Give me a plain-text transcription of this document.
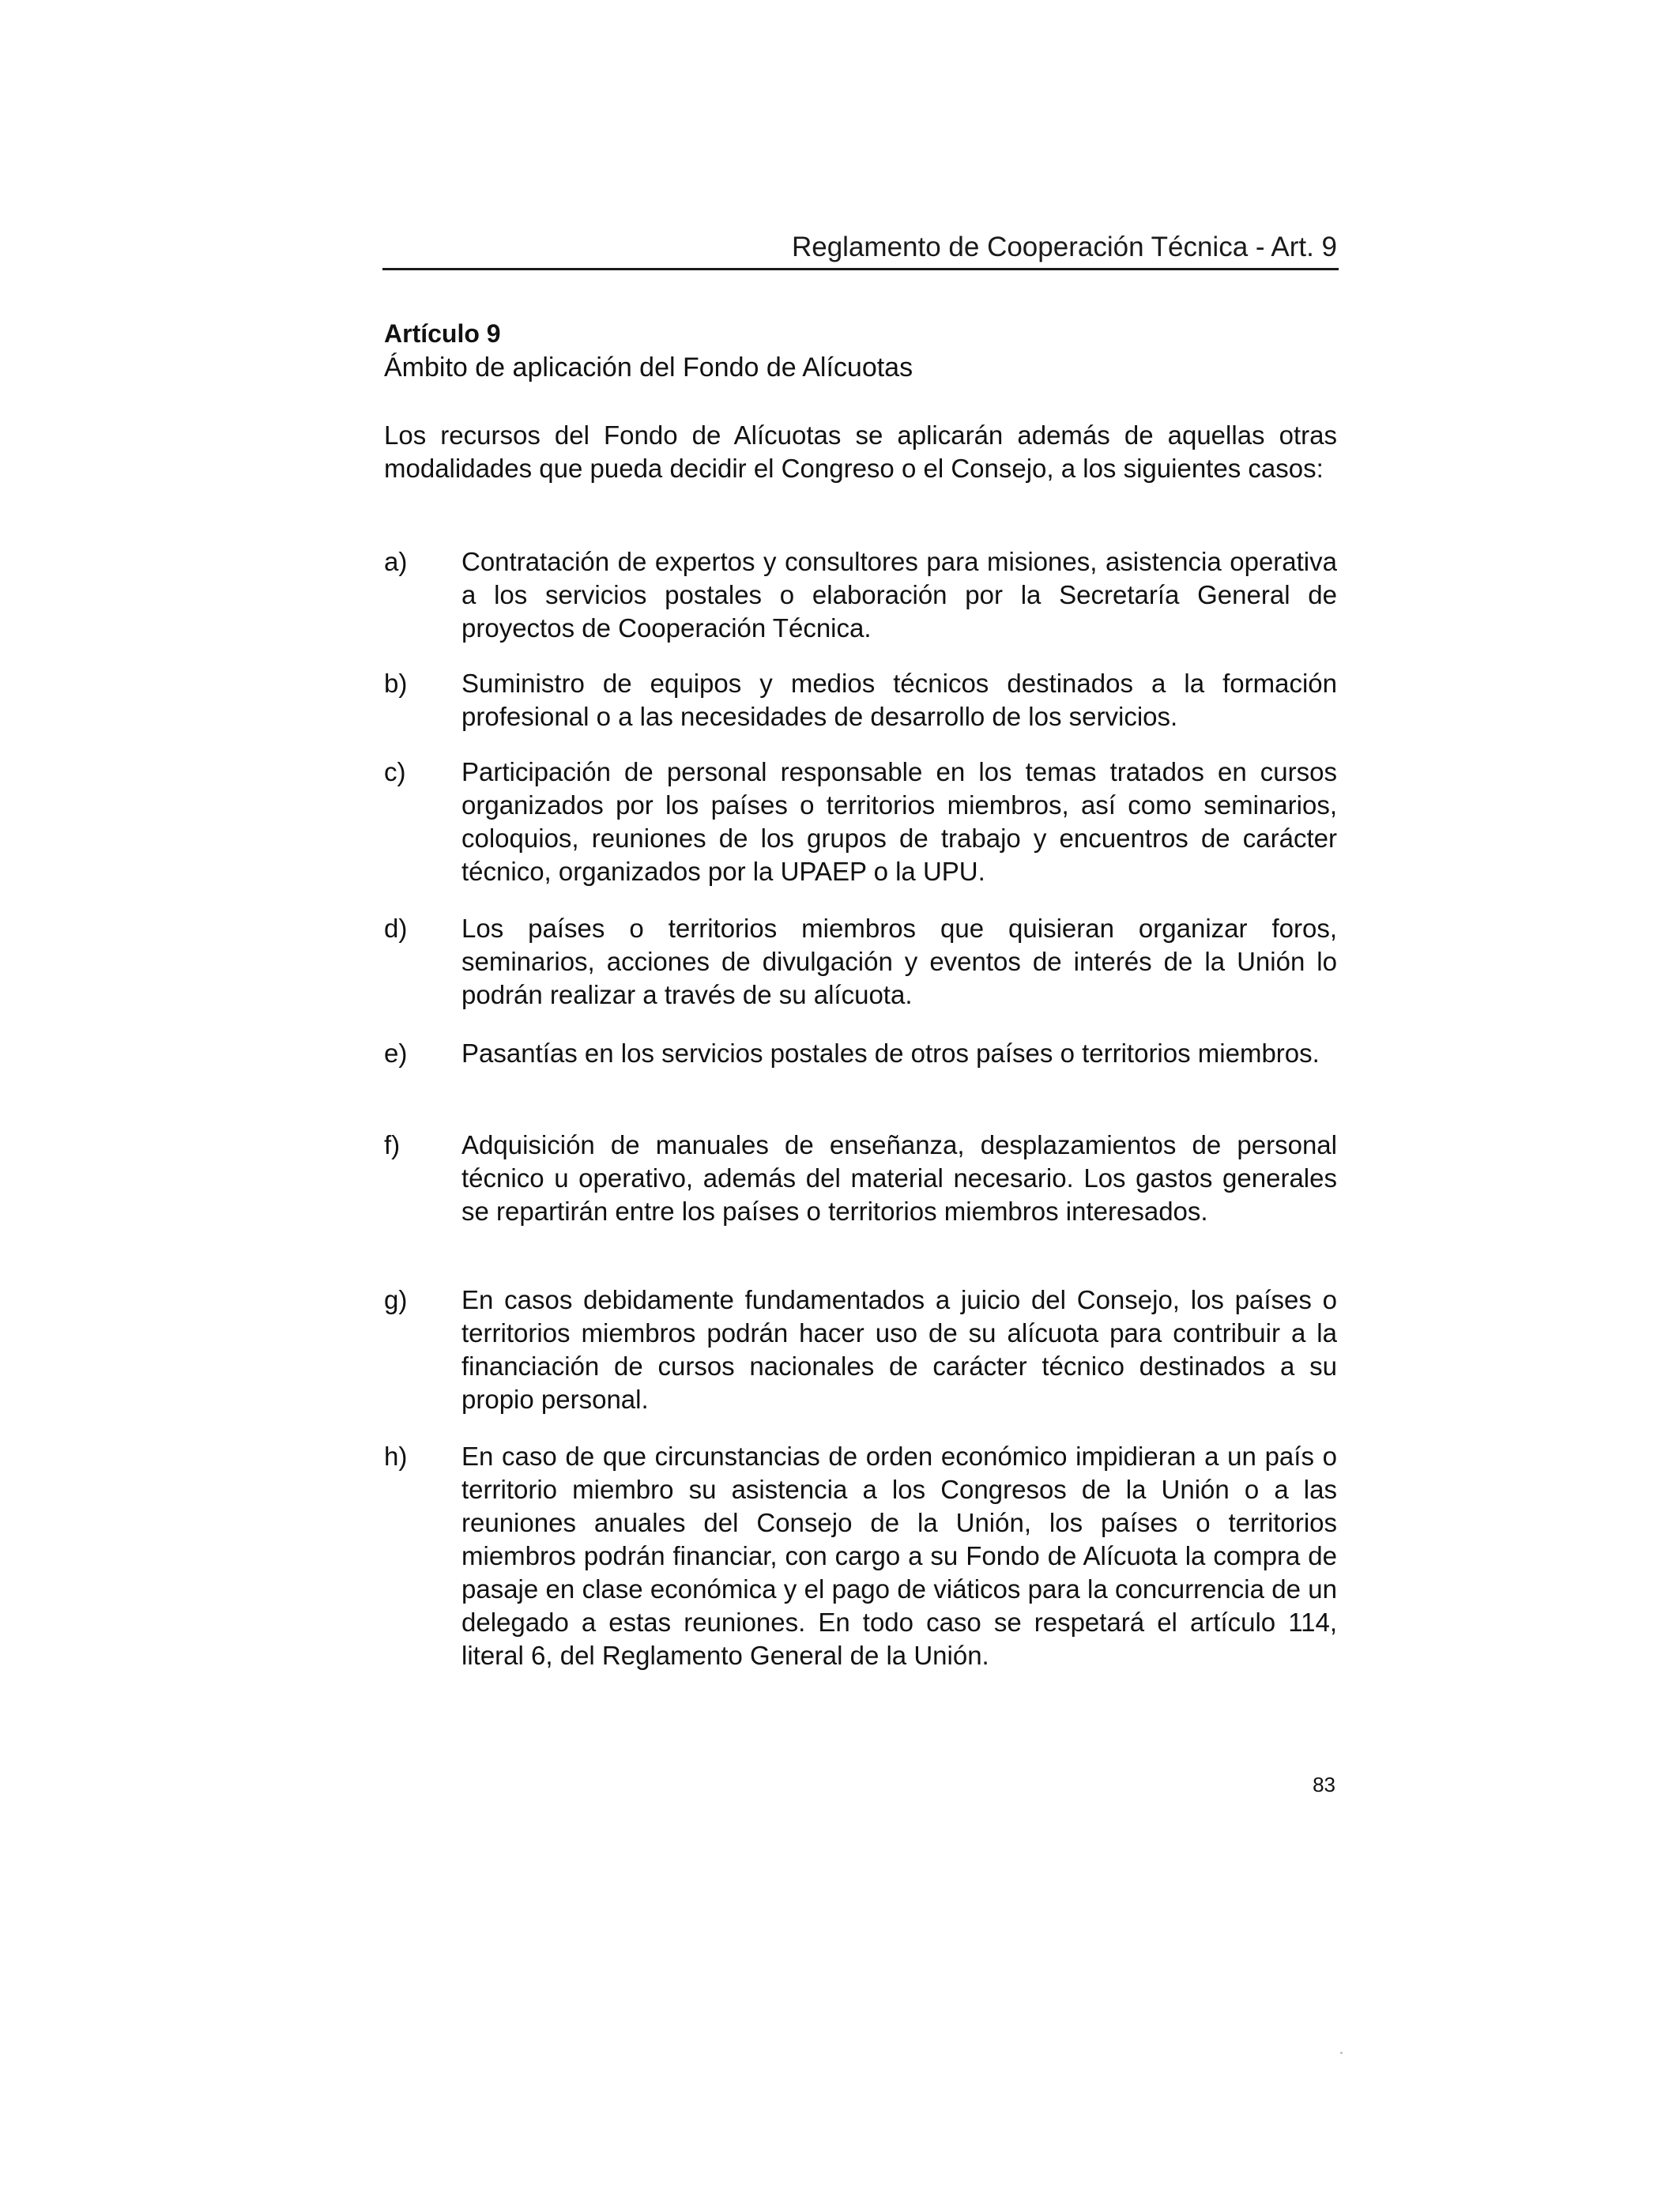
Reglamento de Cooperación Técnica - Art. 9
Artículo 9
Ámbito de aplicación del Fondo de Alícuotas
Los recursos del Fondo de Alícuotas se aplicarán además de aquellas otras modalidades que pueda decidir el Congreso o el Consejo, a los siguientes casos:
a) Contratación de expertos y consultores para misiones, asistencia operativa a los servicios postales o elaboración por la Secretaría General de proyectos de Cooperación Técnica.
b) Suministro de equipos y medios técnicos destinados a la formación profesional o a las necesidades de desarrollo de los servicios.
c) Participación de personal responsable en los temas tratados en cursos organizados por los países o territorios miembros, así como seminarios, coloquios, reuniones de los grupos de trabajo y encuentros de carácter técnico, organizados por la UPAEP o la UPU.
d) Los países o territorios miembros que quisieran organizar foros, seminarios, acciones de divulgación y eventos de interés de la Unión lo podrán realizar a través de su alícuota.
e) Pasantías en los servicios postales de otros países o territorios miembros.
f) Adquisición de manuales de enseñanza, desplazamientos de personal técnico u operativo, además del material necesario. Los gastos generales se repartirán entre los países o territorios miembros interesados.
g) En casos debidamente fundamentados a juicio del Consejo, los países o territorios miembros podrán hacer uso de su alícuota para contribuir a la financiación de cursos nacionales de carácter técnico destinados a su propio personal.
h) En caso de que circunstancias de orden económico impidieran a un país o territorio miembro su asistencia a los Congresos de la Unión o a las reuniones anuales del Consejo de la Unión, los países o territorios miembros podrán financiar, con cargo a su Fondo de Alícuota la compra de pasaje en clase económica y el pago de viáticos para la concurrencia de un delegado a estas reuniones. En todo caso se respetará el artículo 114, literal 6, del Reglamento General de la Unión.
83
